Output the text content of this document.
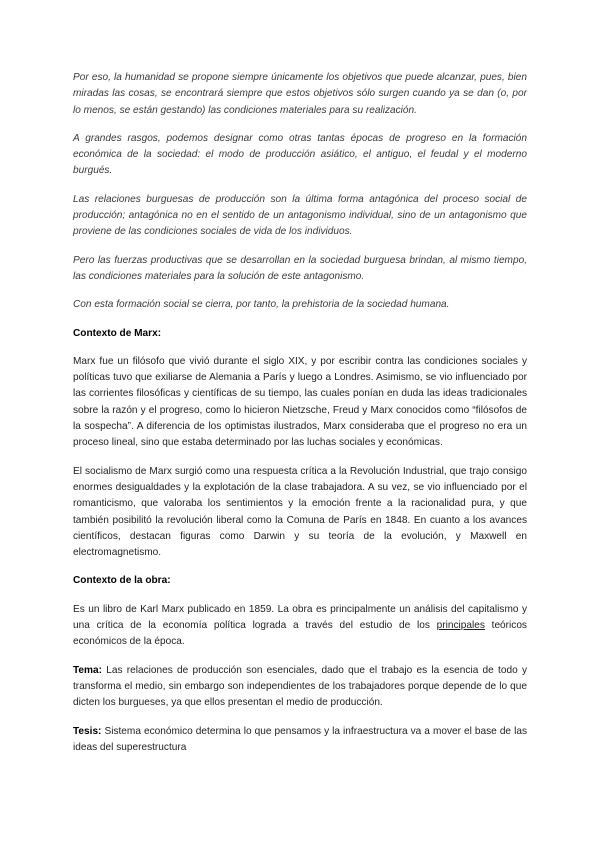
Por eso, la humanidad se propone siempre únicamente los objetivos que puede alcanzar, pues, bien miradas las cosas, se encontrará siempre que estos objetivos sólo surgen cuando ya se dan (o, por lo menos, se están gestando) las condiciones materiales para su realización.

A grandes rasgos, podemos designar como otras tantas épocas de progreso en la formación económica de la sociedad: el modo de producción asiático, el antiguo, el feudal y el moderno burgués.

Las relaciones burguesas de producción son la última forma antagónica del proceso social de producción; antagónica no en el sentido de un antagonismo individual, sino de un antagonismo que proviene de las condiciones sociales de vida de los individuos.

Pero las fuerzas productivas que se desarrollan en la sociedad burguesa brindan, al mismo tiempo, las condiciones materiales para la solución de este antagonismo.

Con esta formación social se cierra, por tanto, la prehistoria de la sociedad humana.

Contexto de Marx:

Marx fue un filósofo que vivió durante el siglo XIX, y por escribir contra las condiciones sociales y políticas tuvo que exiliarse de Alemania a París y luego a Londres. Asimismo, se vio influenciado por las corrientes filosóficas y científicas de su tiempo, las cuales ponían en duda las ideas tradicionales sobre la razón y el progreso, como lo hicieron Nietzsche, Freud y Marx conocidos como “filósofos de la sospecha”. A diferencia de los optimistas ilustrados, Marx consideraba que el progreso no era un proceso lineal, sino que estaba determinado por las luchas sociales y económicas.

El socialismo de Marx surgió como una respuesta crítica a la Revolución Industrial, que trajo consigo enormes desigualdades y la explotación de la clase trabajadora. A su vez, se vio influenciado por el romanticismo, que valoraba los sentimientos y la emoción frente a la racionalidad pura, y que también posibilitó la revolución liberal como la Comuna de París en 1848. En cuanto a los avances científicos, destacan figuras como Darwin y su teoría de la evolución, y Maxwell en electromagnetismo.

Contexto de la obra:

Es un libro de Karl Marx publicado en 1859. La obra es principalmente un análisis del capitalismo y una crítica de la economía política lograda a través del estudio de los principales teóricos económicos de la época.

Tema: Las relaciones de producción son esenciales, dado que el trabajo es la esencia de todo y transforma el medio, sin embargo son independientes de los trabajadores porque depende de lo que dicten los burgueses, ya que ellos presentan el medio de producción.

Tesis: Sistema económico determina lo que pensamos y la infraestructura va a mover el base de las ideas del superestructura
